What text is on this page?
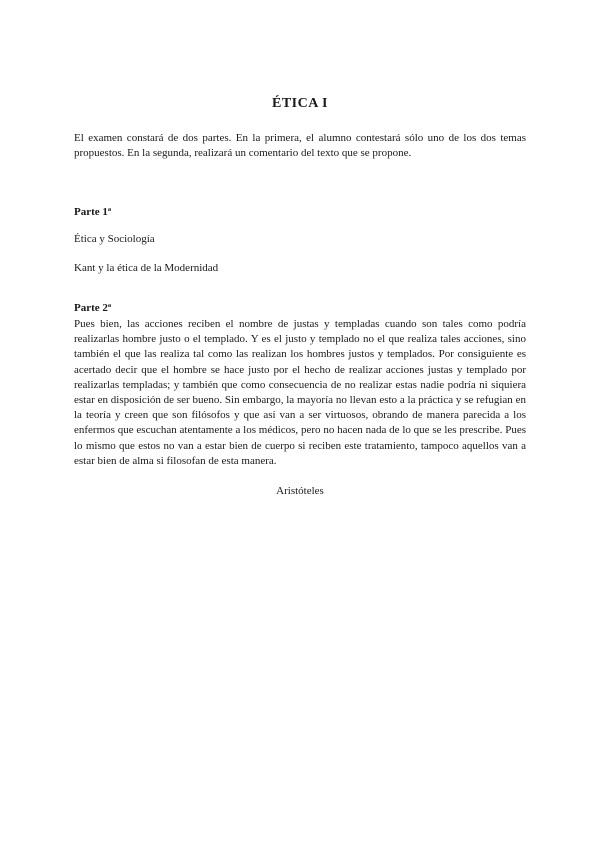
ÉTICA I
El examen constará de dos partes. En la primera, el alumno contestará sólo uno de los dos temas propuestos. En la segunda, realizará un comentario del texto que se propone.
Parte 1ª
Ética y Sociología
Kant y la ética de la Modernidad
Parte 2ª
Pues bien, las acciones reciben el nombre de justas y templadas cuando son tales como podría realizarlas hombre justo o el templado. Y es el justo y templado no el que realiza tales acciones, sino también el que las realiza tal como las realizan los hombres justos y templados. Por consiguiente es acertado decir que el hombre se hace justo por el hecho de realizar acciones justas y templado por realizarlas templadas; y también que como consecuencia de no realizar estas nadie podría ni siquiera estar en disposición de ser bueno. Sin embargo, la mayoría no llevan esto a la práctica y se refugian en la teoría y creen que son filósofos y que así van a ser virtuosos, obrando de manera parecida a los enfermos que escuchan atentamente a los médicos, pero no hacen nada de lo que se les prescribe. Pues lo mismo que estos no van a estar bien de cuerpo si reciben este tratamiento, tampoco aquellos van a estar bien de alma si filosofan de esta manera.
Aristóteles
